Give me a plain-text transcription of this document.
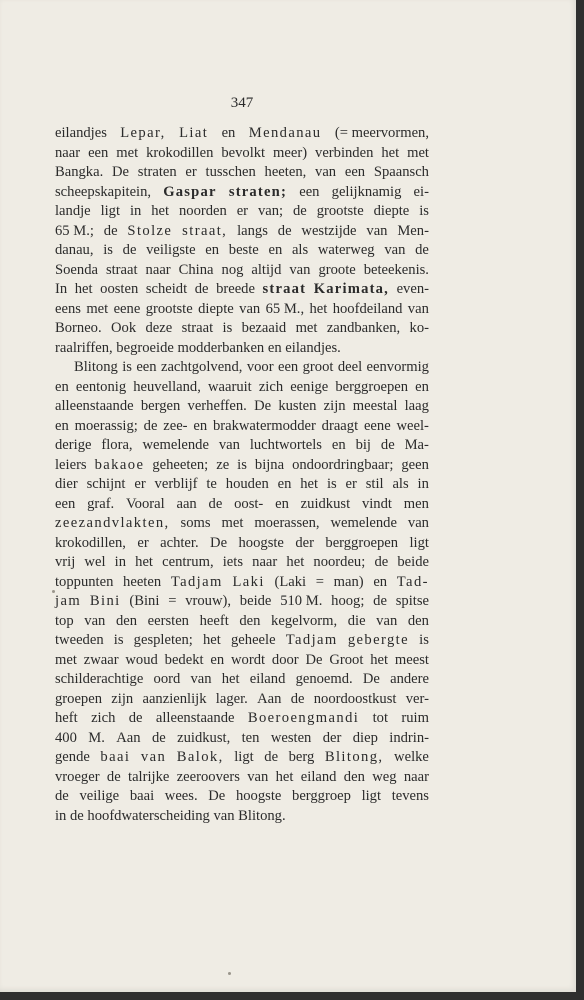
347
eilandjes Lepar, Liat en Mendanau (= meervormen,
naar een met krokodillen bevolkt meer) verbinden het met
Bangka. De straten er tusschen heeten, van een Spaansch
scheepskapitein, Gaspar straten; een gelijknamig ei-
landje ligt in het noorden er van; de grootste diepte is
65 M.; de Stolze straat, langs de westzijde van Men-
danau, is de veiligste en beste en als waterweg van de
Soenda straat naar China nog altijd van groote beteekenis.
In het oosten scheidt de breede straat Karimata, even-
eens met eene grootste diepte van 65 M., het hoofdeiland van
Borneo. Ook deze straat is bezaaid met zandbanken, ko-
raalriffen, begroeide modderbanken en eilandjes.
Blitong is een zachtgolvend, voor een groot deel eenvormig
en eentonig heuvelland, waaruit zich eenige berggroepen en
alleenstaande bergen verheffen. De kusten zijn meestal laag
en moerassig; de zee- en brakwatermodder draagt eene weel-
derige flora, wemelende van luchtwortels en bij de Ma-
leiers bakaoe geheeten; ze is bijna ondoordringbaar; geen
dier schijnt er verblijf te houden en het is er stil als in
een graf. Vooral aan de oost- en zuidkust vindt men
zeezandvlakten, soms met moerassen, wemelende van
krokodillen, er achter. De hoogste der berggroepen ligt
vrij wel in het centrum, iets naar het noordeu; de beide
toppunten heeten Tadjam Laki (Laki = man) en Tad-
jam Bini (Bini = vrouw), beide 510 M. hoog; de spitse
top van den eersten heeft den kegelvorm, die van den
tweeden is gespleten; het geheele Tadjam gebergte is
met zwaar woud bedekt en wordt door De Groot het meest
schilderachtige oord van het eiland genoemd. De andere
groepen zijn aanzienlijk lager. Aan de noordoostkust ver-
heft zich de alleenstaande Boeroengmandi tot ruim
400 M. Aan de zuidkust, ten westen der diep indrin-
gende baai van Balok, ligt de berg Blitong, welke
vroeger de talrijke zeeroovers van het eiland den weg naar
de veilige baai wees. De hoogste berggroep ligt tevens
in de hoofdwaterscheiding van Blitong.
